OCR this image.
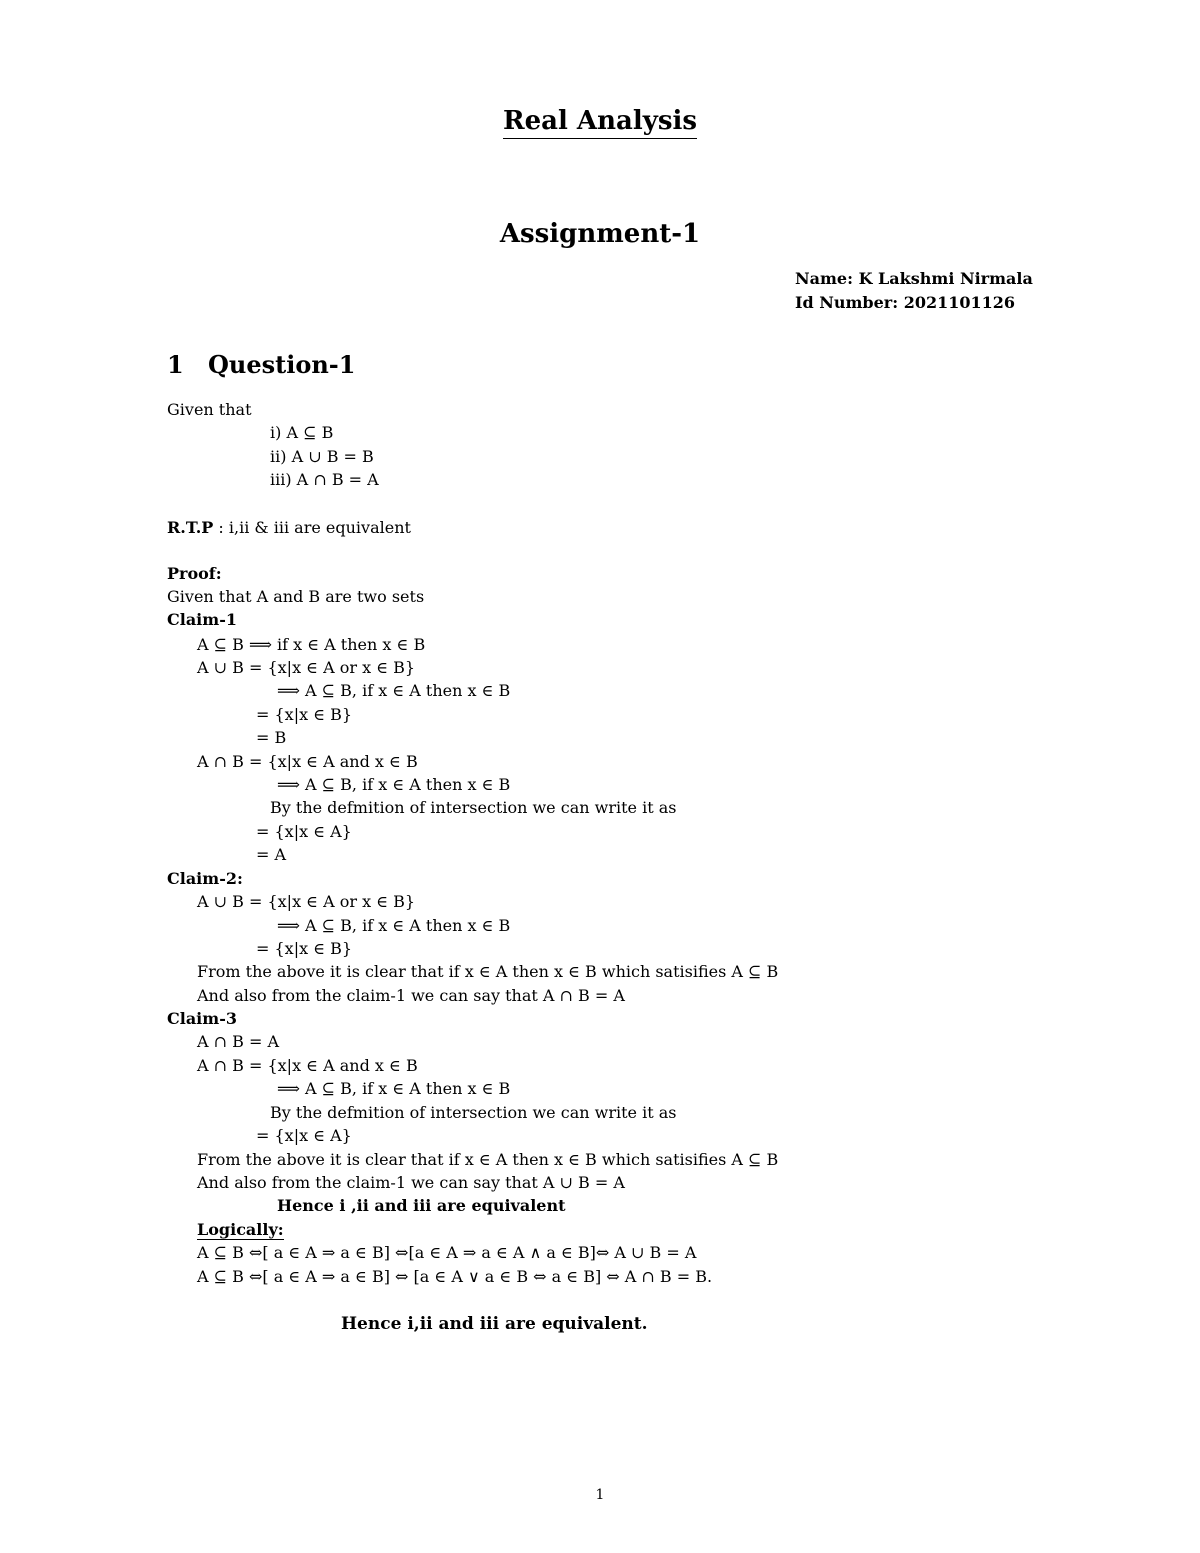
Real Analysis
Assignment-1
Name: K Lakshmi Nirmala
Id Number: 2021101126
1 Question-1
Given that
i) A ⊆ B
ii) A ∪ B = B
iii) A ∩ B = A
R.T.P : i,ii & iii are equivalent
Proof:
Given that A and B are two sets
Claim-1
A ⊆ B ⟹ if x ∈ A then x ∈ B
A ∪ B = {x|x ∈ A or x ∈ B}
⟹ A ⊆ B, if x ∈ A then x ∈ B
= {x|x ∈ B}
= B
A ∩ B = {x|x ∈ A and x ∈ B
⟹ A ⊆ B, if x ∈ A then x ∈ B
By the defmition of intersection we can write it as
= {x|x ∈ A}
= A
Claim-2:
A ∪ B = {x|x ∈ A or x ∈ B}
⟹ A ⊆ B, if x ∈ A then x ∈ B
= {x|x ∈ B}
From the above it is clear that if x ∈ A then x ∈ B which satisifies A ⊆ B
And also from the claim-1 we can say that A ∩ B = A
Claim-3
A ∩ B = A
A ∩ B = {x|x ∈ A and x ∈ B
⟹ A ⊆ B, if x ∈ A then x ∈ B
By the defmition of intersection we can write it as
= {x|x ∈ A}
From the above it is clear that if x ∈ A then x ∈ B which satisifies A ⊆ B
And also from the claim-1 we can say that A ∪ B = A
Hence i ,ii and iii are equivalent
Logically:
A ⊆ B ⇔[ a ∈ A ⇒ a ∈ B] ⇔[a ∈ A ⇒ a ∈ A ∧ a ∈ B]⇔ A ∪ B = A
A ⊆ B ⇔[ a ∈ A ⇒ a ∈ B] ⇔ [a ∈ A ∨ a ∈ B ⇔ a ∈ B] ⇔ A ∩ B = B.
Hence i,ii and iii are equivalent.
1
